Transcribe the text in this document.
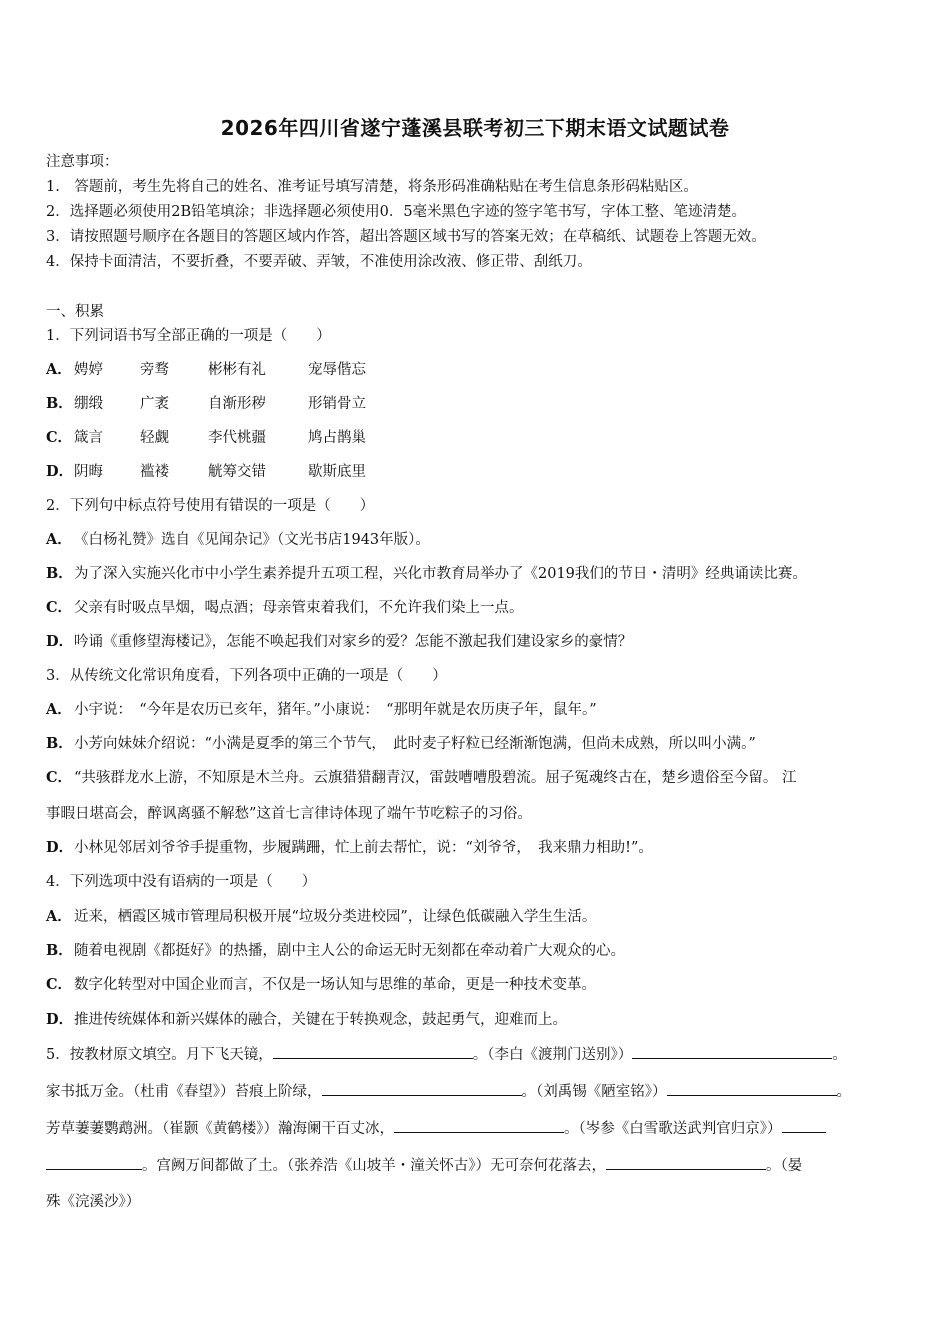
2026年四川省遂宁蓬溪县联考初三下期末语文试题试卷
注意事项：
1.　答题前，考生先将自己的姓名、准考证号填写清楚，将条形码准确粘贴在考生信息条形码粘贴区。
2．选择题必须使用2B铅笔填涂；非选择题必须使用0．5毫米黑色字迹的签字笔书写，字体工整、笔迹清楚。
3．请按照题号顺序在各题目的答题区域内作答，超出答题区域书写的答案无效；在草稿纸、试题卷上答题无效。
4．保持卡面清洁，不要折叠，不要弄破、弄皱，不准使用涂改液、修正带、刮纸刀。
一、积累
1．下列词语书写全部正确的一项是（　　）
A． 娉婷	旁骛	彬彬有礼	宠辱偕忘
B．绷缎	广袤	自渐形秽	形销骨立
C． 箴言	轻觑	李代桃疆	鸠占鹊巢
D．阴晦	褴褛	觥筹交错	歇斯底里
2．下列句中标点符号使用有错误的一项是（　　）
A． 《白杨礼赞》选自《见闻杂记》（文光书店1943年版）。
B．为了深入实施兴化市中小学生素养提升五项工程，兴化市教育局举办了《2019我们的节日・清明》经典诵读比赛。
C． 父亲有时吸点旱烟，喝点酒；母亲管束着我们，不允许我们染上一点。
D．吟诵《重修望海楼记》，怎能不唤起我们对家乡的爱？怎能不激起我们建设家乡的豪情？
3．从传统文化常识角度看，下列各项中正确的一项是（　　）
A． 小宇说：　“今年是农历已亥年，猪年。”小康说：　“那明年就是农历庚子年，鼠年。”
B．小芳向妹妹介绍说：“小满是夏季的第三个节气，　此时麦子籽粒已经渐渐饱满，但尚未成熟，所以叫小满。”
C． “共骇群龙水上游，不知原是木兰舟。云旗猎猎翻青汉，雷鼓嘈嘈殷碧流。屈子冤魂终古在，楚乡遗俗至今留。 江
事暇日堪高会，醉讽离骚不解愁”这首七言律诗体现了端午节吃粽子的习俗。
D．小林见邻居刘爷爷手提重物，步履蹒跚，忙上前去帮忙，说：“刘爷爷，　我来鼎力相助!”。
4．下列选项中没有语病的一项是（　　）
A． 近来，栖霞区城市管理局积极开展“垃圾分类进校园”，让绿色低碳融入学生生活。
B．随着电视剧《都挺好》的热播，剧中主人公的命运无时无刻都在牵动着广大观众的心。
C． 数字化转型对中国企业而言，不仅是一场认知与思维的革命，更是一种技术变革。
D．推进传统媒体和新兴媒体的融合，关键在于转换观念，鼓起勇气，迎难而上。
5．按教材原文填空。月下飞天镜，	。（李白《渡荆门送别》）	。
家书抵万金。（杜甫《春望》）苔痕上阶绿，	。（刘禹锡《陋室铭》）	。
芳草萋萋鹦鹉洲。（崔颢《黄鹤楼》）瀚海阑干百丈冰，	。（岑参《白雪歌送武判官归京》）
。宫阙万间都做了土。（张养浩《山坡羊・潼关怀古》）无可奈何花落去，	。（晏
殊《浣溪沙》）
